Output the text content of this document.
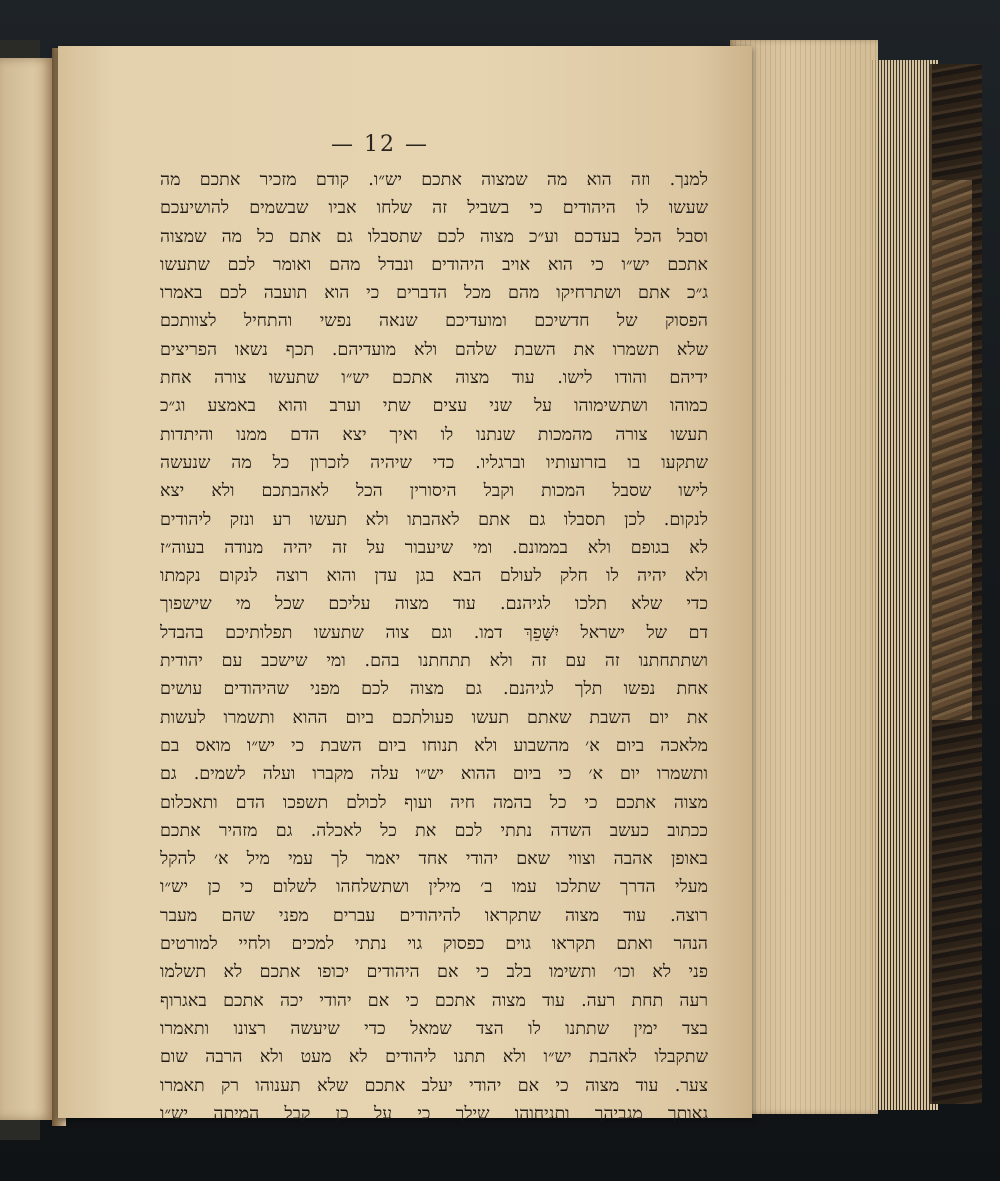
— 12 —
למנך. וזה הוא מה שמצוה אתכם יש״ו. קודם מזכיר אתכם מה
שעשו לו היהודים כי בשביל זה שלחו אביו שבשמים להושיעכם
וסבל הכל בעדכם וע״כ מצוה לכם שתסבלו גם אתם כל מה שמצוה
אתכם יש״ו כי הוא אויב היהודים ונבדל מהם ואומר לכם שתעשו
ג״כ אתם ושתרחיקו מהם מכל הדברים כי הוא תועבה לכם באמרו
הפסוק של חדשיכם ומועדיכם שנאה נפשי והתחיל לצוותכם
שלא תשמרו את השבת שלהם ולא מועדיהם. תכף נשאו הפריצים
ידיהם והודו לישו. עוד מצוה אתכם יש״ו שתעשו צורה אחת
כמוהו ושתשימוהו על שני עצים שתי וערב והוא באמצע וג״כ
תעשו צורה מהמכות שנתנו לו ואיך יצא הדם ממנו והיתדות
שתקעו בו בזרועותיו וברגליו. כדי שיהיה לזכרון כל מה שנעשה
לישו שסבל המכות וקבל היסורין הכל לאהבתכם ולא יצא
לנקום. לכן תסבלו גם אתם לאהבתו ולא תעשו רע ונזק ליהודים
לא בגופם ולא בממונם. ומי שיעבור על זה יהיה מנודה בעוה״ז
ולא יהיה לו חלק לעולם הבא בגן עדן והוא רוצה לנקום נקמתו
כדי שלא תלכו לגיהנם. עוד מצוה עליכם שכל מי שישפוך
דם של ישראל יִשָּׁפֵךְ דמו. וגם צוה שתעשו תפלותיכם בהבדל
ושתתחתנו זה עם זה ולא תתחתנו בהם. ומי שישכב עם יהודית
אחת נפשו תלך לגיהנם. גם מצוה לכם מפני שהיהודים עושים
את יום השבת שאתם תעשו פעולתכם ביום ההוא ותשמרו לעשות
מלאכה ביום א׳ מהשבוע ולא תנוחו ביום השבת כי יש״ו מואס בם
ותשמרו יום א׳ כי ביום ההוא יש״ו עלה מקברו ועלה לשמים. גם
מצוה אתכם כי כל בהמה חיה ועוף לכולם תשפכו הדם ותאכלום
ככתוב כעשב השדה נתתי לכם את כל לאכלה. גם מזהיר אתכם
באופן אהבה וצווי שאם יהודי אחד יאמר לך עמי מיל א׳ להקל
מעלי הדרך שתלכו עמו ב׳ מילין ושתשלחהו לשלום כי כן יש״ו
רוצה. עוד מצוה שתקראו להיהודים עברים מפני שהם מעבר
הנהר ואתם תקראו גוים כפסוק גוי נתתי למכים ולחיי למורטים
פני לא וכו׳ ותשימו בלב כי אם היהודים יכופו אתכם לא תשלמו
רעה תחת רעה. עוד מצוה אתכם כי אם יהודי יכה אתכם באגרוף
בצד ימין שתתנו לו הצד שמאל כדי שיעשה רצונו ותאמרו
שתקבלו לאהבת יש״ו ולא תתנו ליהודים לא מעט ולא הרבה שום
צער. עוד מצוה כי אם יהודי יעלב אתכם שלא תענוהו רק תאמרו
גאותך מגביהך ותניחוהו שילך כי על כן קבל המיתה יש״ו
